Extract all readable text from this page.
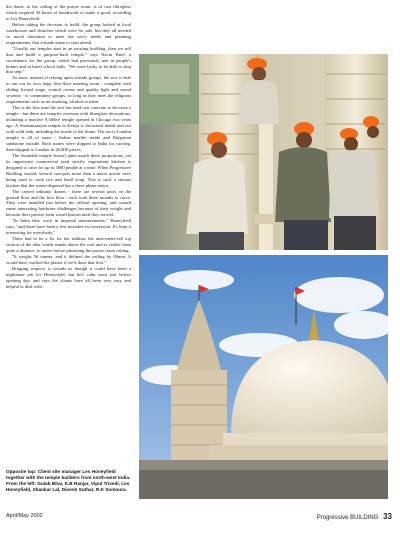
the dome, to the ceiling of the prayer room, is of cast fibreglass which required 30 hours of handiwork to make it good, according to Les Honeyfield.

Before taking the decision to build, the group looked at local warehouses and churches which were for sale, but they all needed so much alteration to meet the sect's needs and planning requirements, that it made sense to start afresh.

"Usually our temples start in an existing building, then we sell that and build a purpose-built temple," says Navin Patel, a coordinator for the group, which had previously met in people's homes and in hired school halls. "We were lucky to be able to skip that step."

As most, instead of relying upon outside groups, the sect is able to run out its own large first-floor meeting room - complete with sliding frosted stage, control rooms and quality light and sound systems - to community groups, so long as they meet the religious requirements such as no smoking, alcohol or meat.

This is the first time the sect has used cast concrete to decorate a temple - but there are temples overseas with fibreglass decorations, including a massive 9,300m² temple opened in Chicago two years ago. A Swaminarayan temple in Kenya is decorated inside and out with solid teak, including the inside of the dome. The sect's London temple is all of stone - Italian marble inside and Bulgarian sandstone outside. Both stones were shipped to India for carving, then shipped to London in 26,000 pieces.

The Avondale temple doesn't quite match these proportions, yet its impressive commercial (and strictly vegetarian) kitchen is designed to cater for up to 3000 people at a time. When Progressive Building visited, several cast-pots more than a metre across were being used to cook rice and lentil soup. This is such a serious kitchen that the warm-dispersal has a three phase motor.

The carved sekhara/ domes - there are several pairs on the ground floor and the first floor - each took three months to carve. They were installed just before the official opening, and caused some interesting hardware challenges because of their weight and because their precise form wasn't known until they arrived.

"In India they work in imperial measurements," Honeyfield says, "and there have been a few mistakes in conversion. It's kept it interesting for everybody."

There had to be a fix for the shikhar, the nine-metre-tall top section of the altar which stands above the roof and is visible from quite a distance, to arrive before plastering the prayer room ceiling.

"It weighs 56 tonnes, and it defined the ceiling by 90mm. It would have cracked the plaster if we'd done that first."

Bringing respects is sounds as though it could have been a nightmare job for Honeyfield, but he's calm most just before opening day, and says the clients have all been very easy and helpful to deal with.

Opposite top: Client site manager Les Honeyfield together with the temple builders from north-west India. From the left: Gulab Bhai, K.B Ranjar, Vipul Trivedi, Les Honeyfield, Shankar Lal, Dinesh Suthar, R.K Somoura.
April/May 2002	Progressive BUILDING 33
